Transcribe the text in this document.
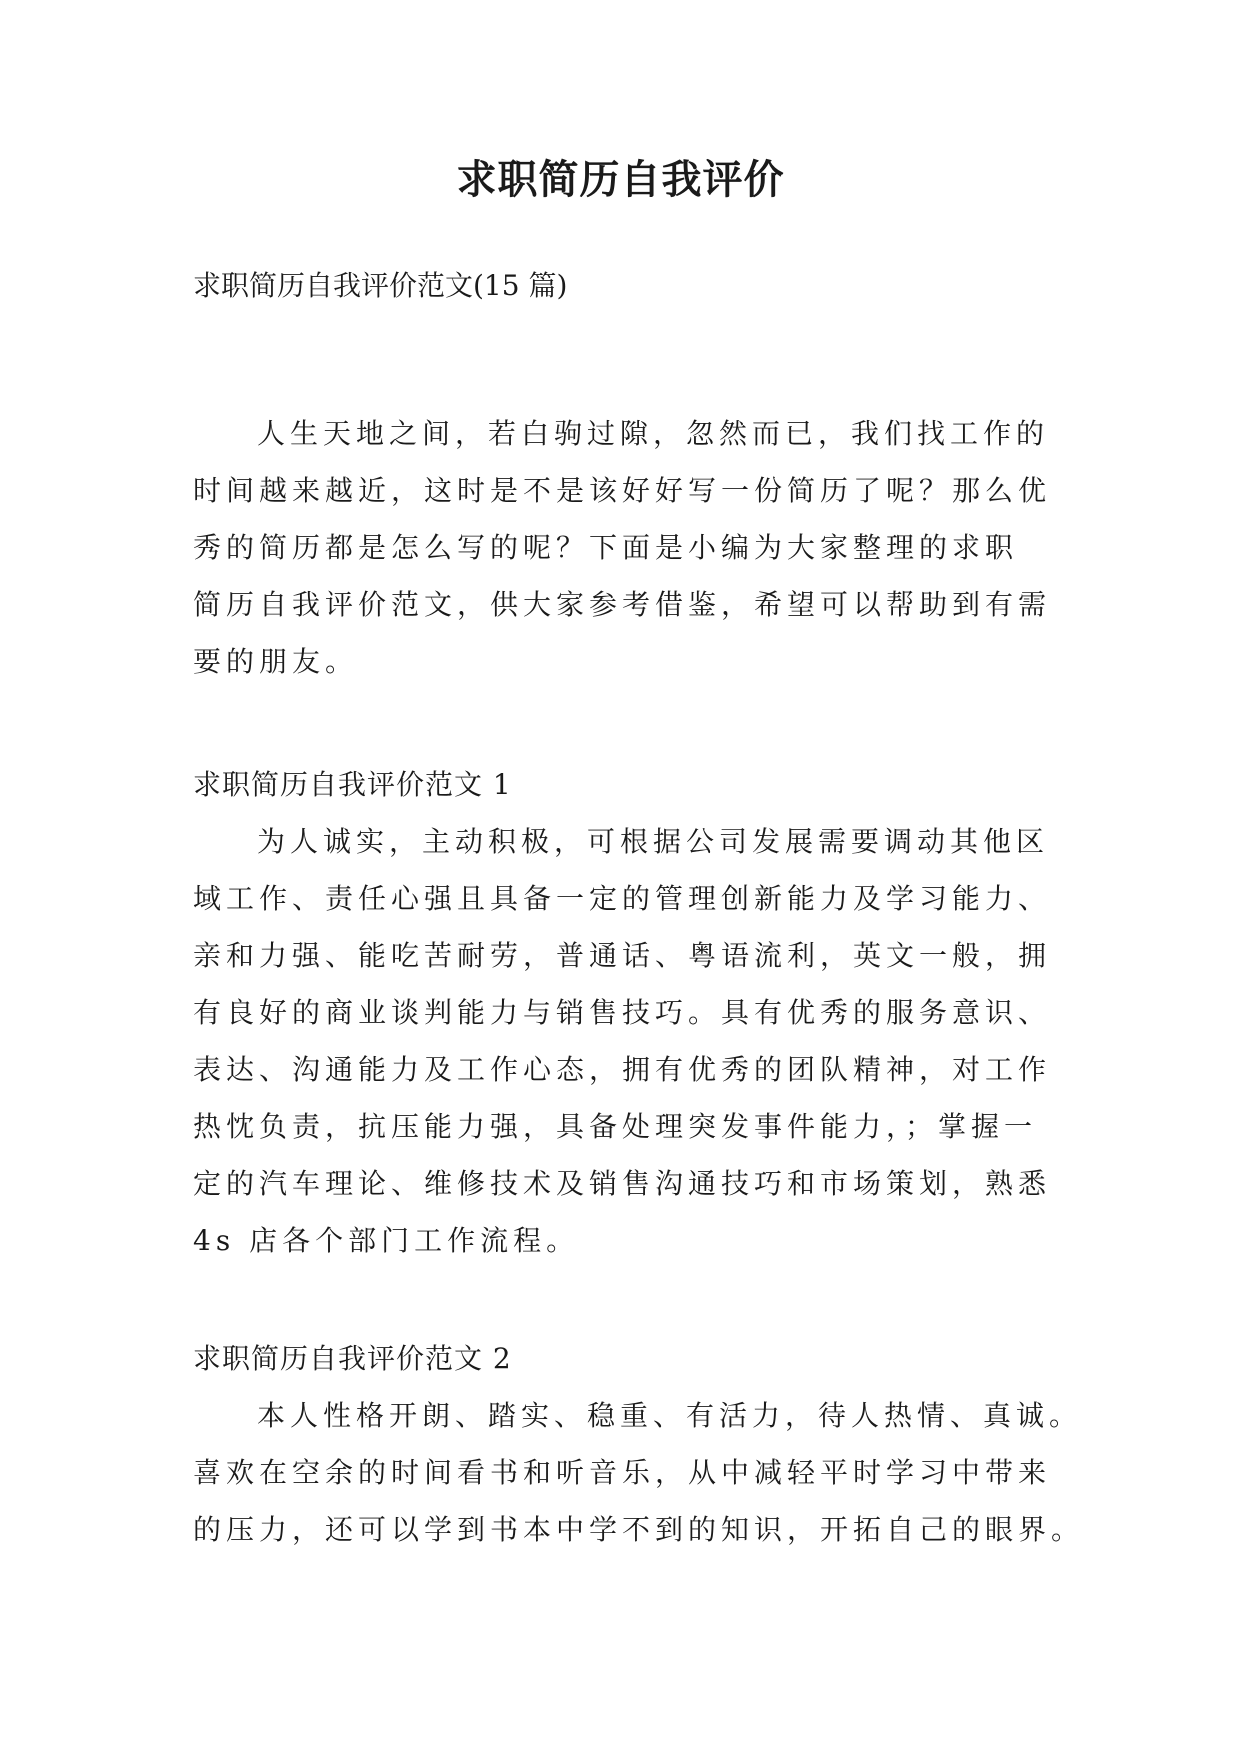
求职简历自我评价
求职简历自我评价范文(15 篇)
人生天地之间，若白驹过隙，忽然而已，我们找工作的
时间越来越近，这时是不是该好好写一份简历了呢？那么优
秀的简历都是怎么写的呢？下面是小编为大家整理的求职
简历自我评价范文，供大家参考借鉴，希望可以帮助到有需
要的朋友。
求职简历自我评价范文 1
为人诚实，主动积极，可根据公司发展需要调动其他区
域工作、责任心强且具备一定的管理创新能力及学习能力、
亲和力强、能吃苦耐劳，普通话、粤语流利，英文一般，拥
有良好的商业谈判能力与销售技巧。具有优秀的服务意识、
表达、沟通能力及工作心态，拥有优秀的团队精神，对工作
热忱负责，抗压能力强，具备处理突发事件能力，；掌握一
定的汽车理论、维修技术及销售沟通技巧和市场策划，熟悉
4s 店各个部门工作流程。
求职简历自我评价范文 2
本人性格开朗、踏实、稳重、有活力，待人热情、真诚。
喜欢在空余的时间看书和听音乐，从中减轻平时学习中带来
的压力，还可以学到书本中学不到的知识，开拓自己的眼界。
